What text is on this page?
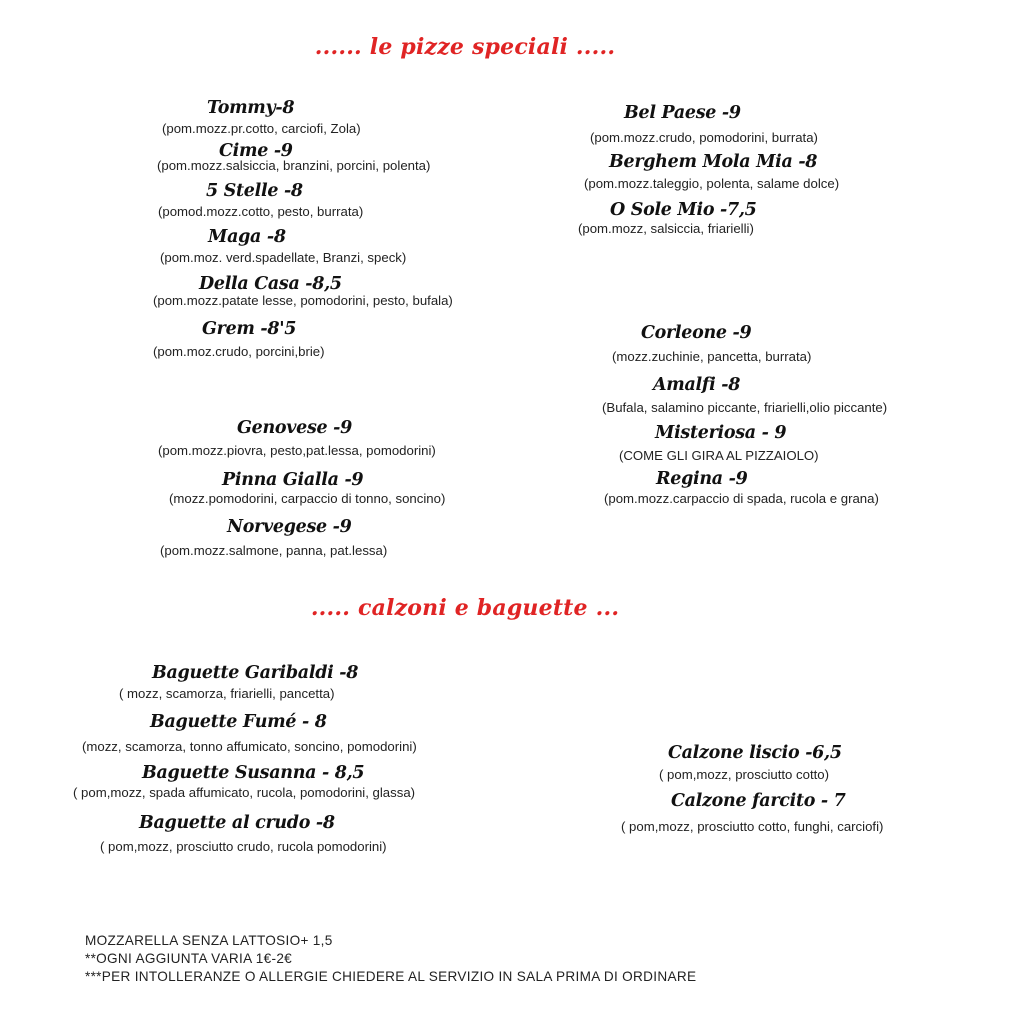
...... le pizze speciali .....
..... calzoni e baguette ...
Tommy-8
(pom.mozz.pr.cotto, carciofi, Zola)
Cime -9
(pom.mozz.salsiccia, branzini, porcini, polenta)
5 Stelle -8
(pomod.mozz.cotto, pesto, burrata)
Maga -8
(pom.moz. verd.spadellate, Branzi, speck)
Della Casa -8,5
(pom.mozz.patate lesse, pomodorini, pesto, bufala)
Grem -8'5
(pom.moz.crudo, porcini,brie)
Genovese -9
(pom.mozz.piovra, pesto,pat.lessa, pomodorini)
Pinna Gialla -9
(mozz.pomodorini, carpaccio di tonno, soncino)
Norvegese -9
(pom.mozz.salmone, panna, pat.lessa)
Bel Paese -9
(pom.mozz.crudo, pomodorini, burrata)
Berghem Mola Mia -8
(pom.mozz.taleggio, polenta, salame dolce)
O Sole Mio -7,5
(pom.mozz, salsiccia, friarielli)
Corleone -9
(mozz.zuchinie, pancetta, burrata)
Amalfi -8
(Bufala, salamino piccante, friarielli,olio piccante)
Misteriosa - 9
(COME GLI GIRA AL PIZZAIOLO)
Regina -9
(pom.mozz.carpaccio di spada, rucola e grana)
Baguette Garibaldi -8
( mozz, scamorza, friarielli, pancetta)
Baguette Fumé - 8
(mozz, scamorza, tonno affumicato, soncino, pomodorini)
Baguette Susanna - 8,5
( pom,mozz, spada affumicato, rucola, pomodorini, glassa)
Baguette al crudo -8
( pom,mozz, prosciutto crudo, rucola pomodorini)
Calzone liscio -6,5
( pom,mozz, prosciutto cotto)
Calzone farcito - 7
( pom,mozz, prosciutto cotto, funghi, carciofi)
MOZZARELLA SENZA LATTOSIO+ 1,5
**OGNI AGGIUNTA VARIA 1€-2€
***PER INTOLLERANZE O ALLERGIE CHIEDERE AL SERVIZIO IN SALA PRIMA DI ORDINARE
